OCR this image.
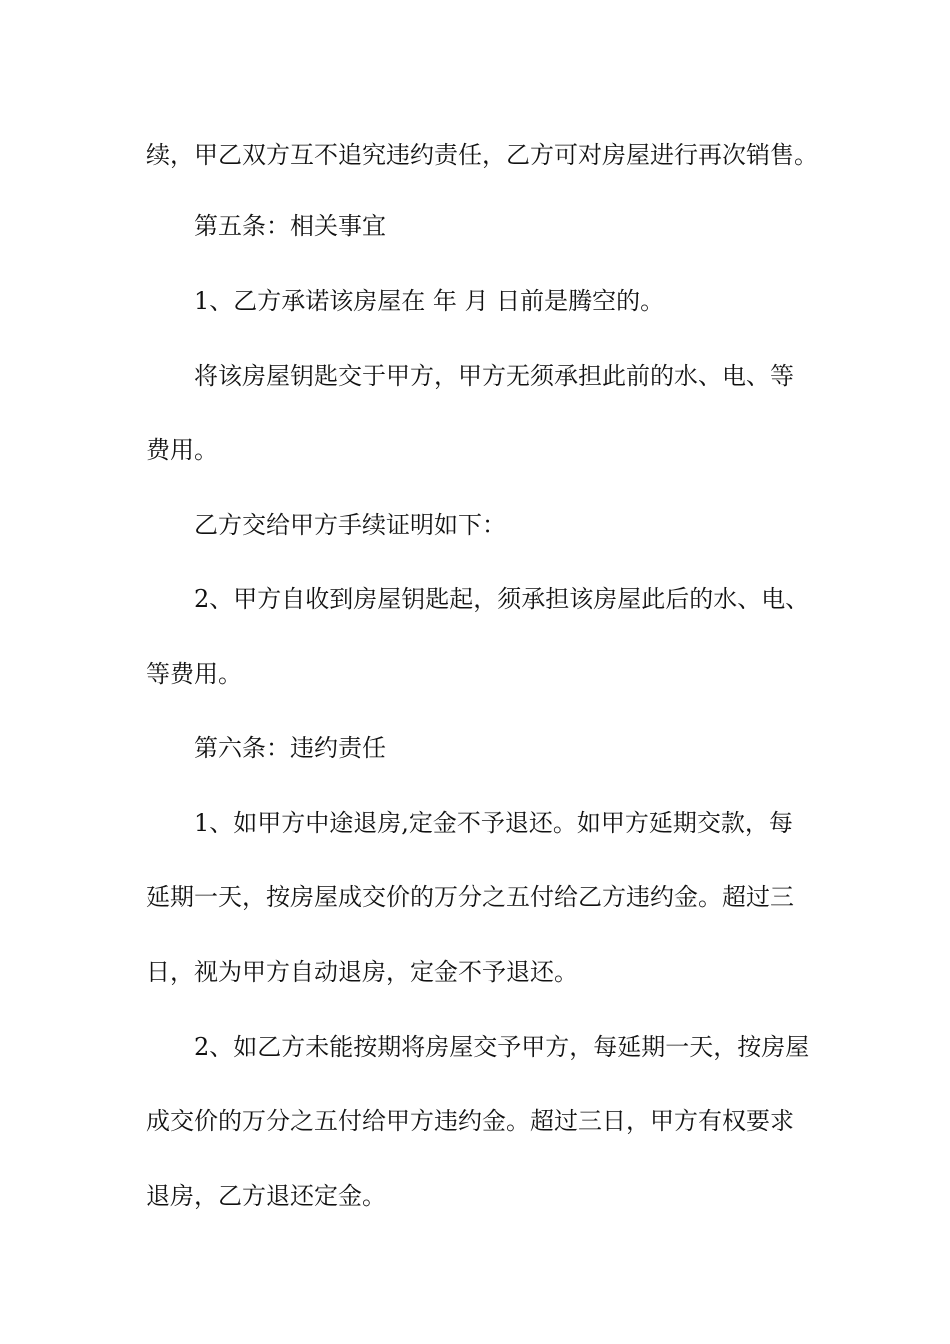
续，甲乙双方互不追究违约责任，乙方可对房屋进行再次销售。
第五条：相关事宜
1、乙方承诺该房屋在 年 月 日前是腾空的。
将该房屋钥匙交于甲方，甲方无须承担此前的水、电、等
费用。
乙方交给甲方手续证明如下：
2、甲方自收到房屋钥匙起，须承担该房屋此后的水、电、
等费用。
第六条：违约责任
1、如甲方中途退房,定金不予退还。如甲方延期交款，每
延期一天，按房屋成交价的万分之五付给乙方违约金。超过三
日，视为甲方自动退房，定金不予退还。
2、如乙方未能按期将房屋交予甲方，每延期一天，按房屋
成交价的万分之五付给甲方违约金。超过三日，甲方有权要求
退房，乙方退还定金。
